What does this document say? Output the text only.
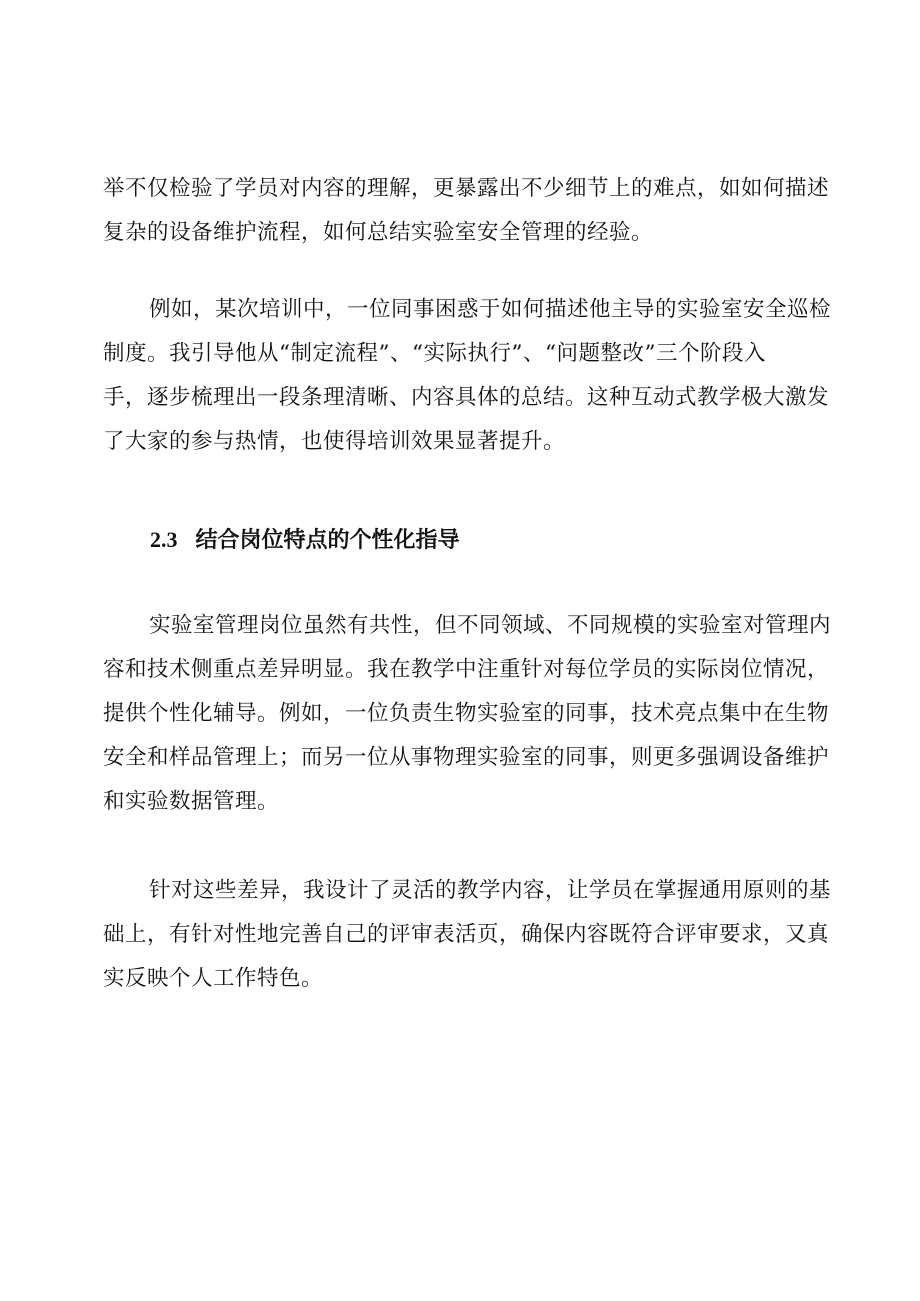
举不仅检验了学员对内容的理解，更暴露出不少细节上的难点，如如何描述
复杂的设备维护流程，如何总结实验室安全管理的经验。

例如，某次培训中，一位同事困惑于如何描述他主导的实验室安全巡检
制度。我引导他从“制定流程”、“实际执行”、“问题整改”三个阶段入
手，逐步梳理出一段条理清晰、内容具体的总结。这种互动式教学极大激发
了大家的参与热情，也使得培训效果显著提升。

2.3 结合岗位特点的个性化指导

实验室管理岗位虽然有共性，但不同领域、不同规模的实验室对管理内
容和技术侧重点差异明显。我在教学中注重针对每位学员的实际岗位情况，
提供个性化辅导。例如，一位负责生物实验室的同事，技术亮点集中在生物
安全和样品管理上；而另一位从事物理实验室的同事，则更多强调设备维护
和实验数据管理。

针对这些差异，我设计了灵活的教学内容，让学员在掌握通用原则的基
础上，有针对性地完善自己的评审表活页，确保内容既符合评审要求，又真
实反映个人工作特色。
